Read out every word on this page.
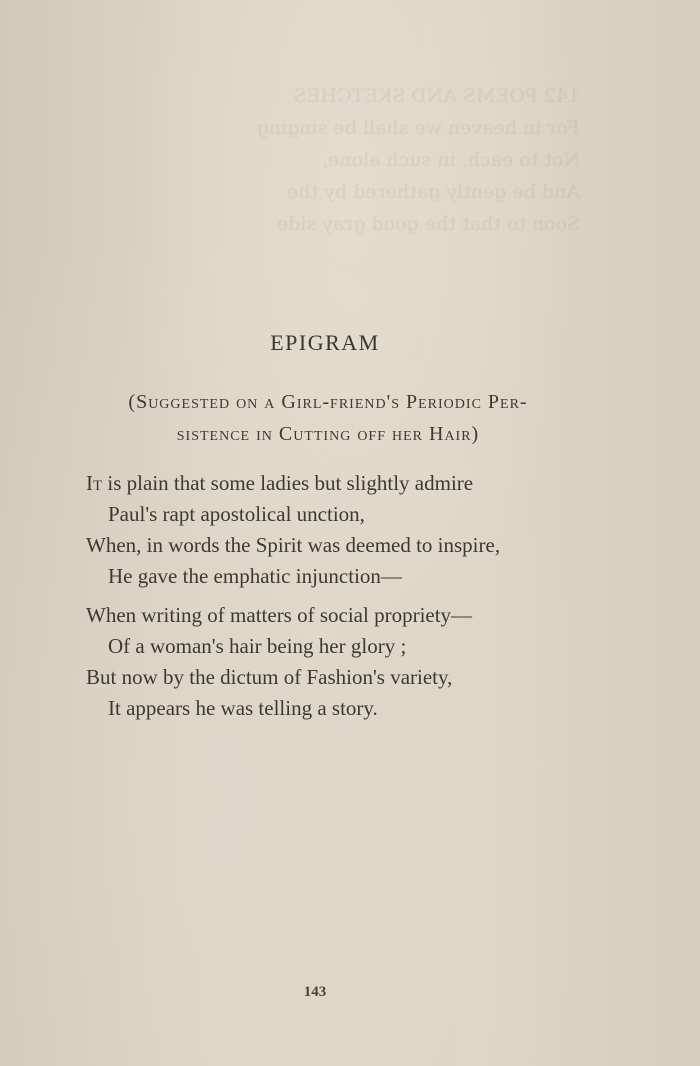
142 POEMS AND SKETCHES
For in heaven we shall be singing
Not to each, in such alone,
And be gently gathered by the
Soon to that the good gray side
EPIGRAM
(Suggested on a Girl-friend's Periodic Per-
sistence in Cutting off her Hair)
It is plain that some ladies but slightly admire
Paul's rapt apostolical unction,
When, in words the Spirit was deemed to inspire,
He gave the emphatic injunction—
When writing of matters of social propriety—
Of a woman's hair being her glory ;
But now by the dictum of Fashion's variety,
It appears he was telling a story.
143
